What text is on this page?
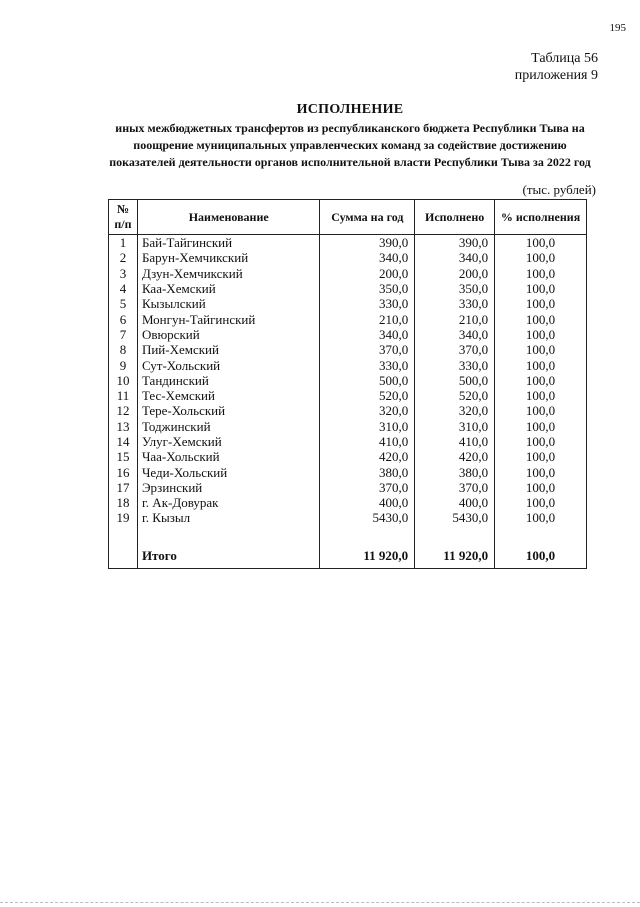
195
Таблица 56
приложения 9
ИСПОЛНЕНИЕ
иных межбюджетных трансфертов из республиканского бюджета Республики Тыва на поощрение муниципальных управленческих команд за содействие достижению показателей деятельности органов исполнительной власти Республики Тыва за 2022 год
(тыс. рублей)
№ п/п	Наименование	Сумма на год	Исполнено	% исполнения
1	Бай-Тайгинский	390,0	390,0	100,0
2	Барун-Хемчикский	340,0	340,0	100,0
3	Дзун-Хемчикский	200,0	200,0	100,0
4	Каа-Хемский	350,0	350,0	100,0
5	Кызылский	330,0	330,0	100,0
6	Монгун-Тайгинский	210,0	210,0	100,0
7	Овюрский	340,0	340,0	100,0
8	Пий-Хемский	370,0	370,0	100,0
9	Сут-Хольский	330,0	330,0	100,0
10	Тандинский	500,0	500,0	100,0
11	Тес-Хемский	520,0	520,0	100,0
12	Тере-Хольский	320,0	320,0	100,0
13	Тоджинский	310,0	310,0	100,0
14	Улуг-Хемский	410,0	410,0	100,0
15	Чаа-Хольский	420,0	420,0	100,0
16	Чеди-Хольский	380,0	380,0	100,0
17	Эрзинский	370,0	370,0	100,0
18	г. Ак-Довурак	400,0	400,0	100,0
19	г. Кызыл	5430,0	5430,0	100,0

	Итого	11 920,0	11 920,0	100,0
